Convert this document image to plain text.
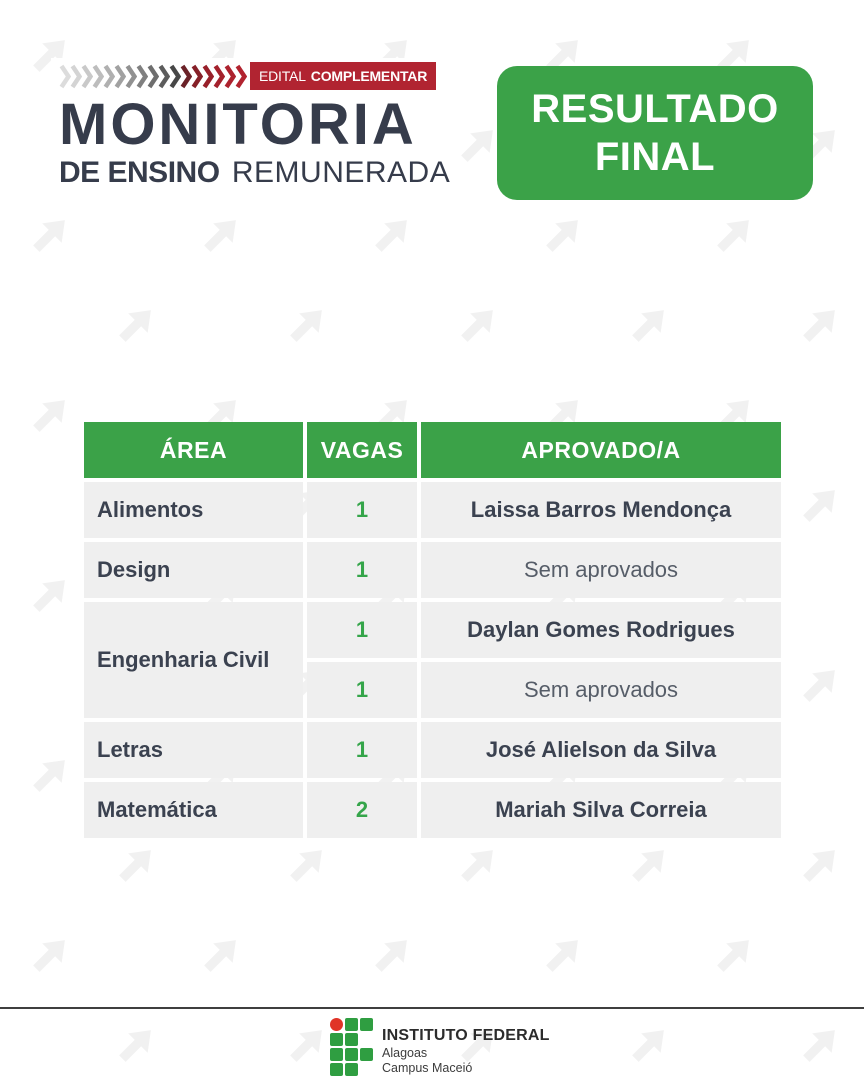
EDITAL COMPLEMENTAR
MONITORIA
DE ENSINO REMUNERADA
RESULTADO
FINAL
ÁREA	VAGAS	APROVADO/A
Alimentos	1	Laissa Barros Mendonça
Design	1	Sem aprovados
Engenharia Civil
1	Daylan Gomes Rodrigues
1	Sem aprovados
Letras	1	José Alielson da Silva
Matemática	2	Mariah Silva Correia
INSTITUTO FEDERAL
Alagoas
Campus Maceió
